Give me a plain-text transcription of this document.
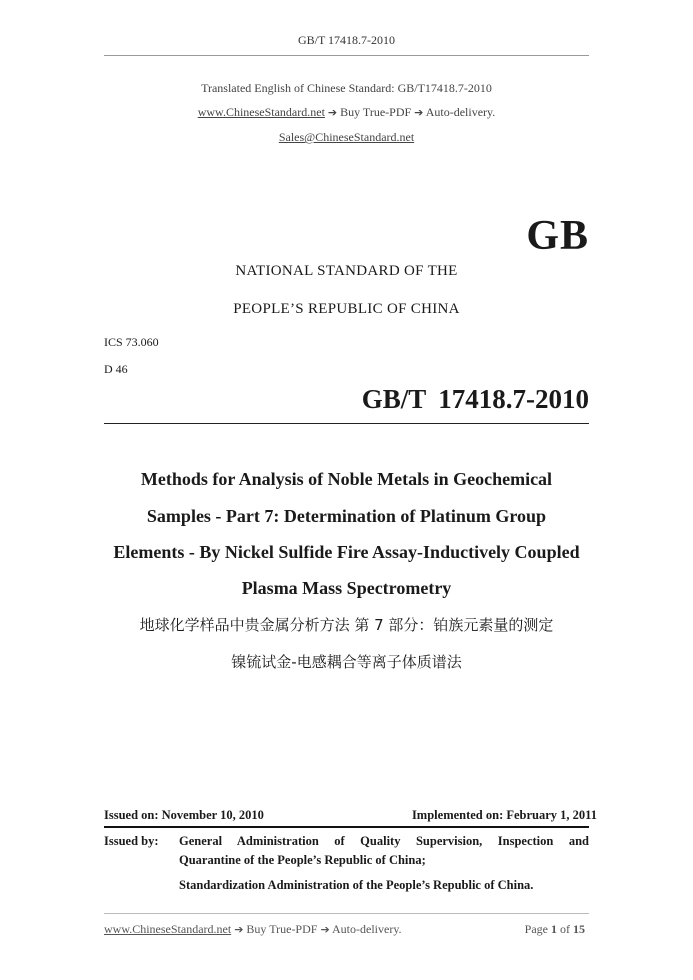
GB/T 17418.7-2010
Translated English of Chinese Standard: GB/T17418.7-2010
www.ChineseStandard.net ➔ Buy True-PDF ➔ Auto-delivery.
Sales@ChineseStandard.net
GB
NATIONAL STANDARD OF THE
PEOPLE’S REPUBLIC OF CHINA
ICS 73.060
D 46
GB/T 17418.7-2010
Methods for Analysis of Noble Metals in Geochemical
Samples - Part 7: Determination of Platinum Group
Elements - By Nickel Sulfide Fire Assay-Inductively Coupled
Plasma Mass Spectrometry
地球化学样品中贵金属分析方法 第 7 部分：铂族元素量的测定
镍锍试金-电感耦合等离子体质谱法
Issued on: November 10, 2010	Implemented on: February 1, 2011
Issued by: General Administration of Quality Supervision, Inspection and
Quarantine of the People’s Republic of China;
Standardization Administration of the People’s Republic of China.
www.ChineseStandard.net ➔ Buy True-PDF ➔ Auto-delivery.	Page 1 of 15
